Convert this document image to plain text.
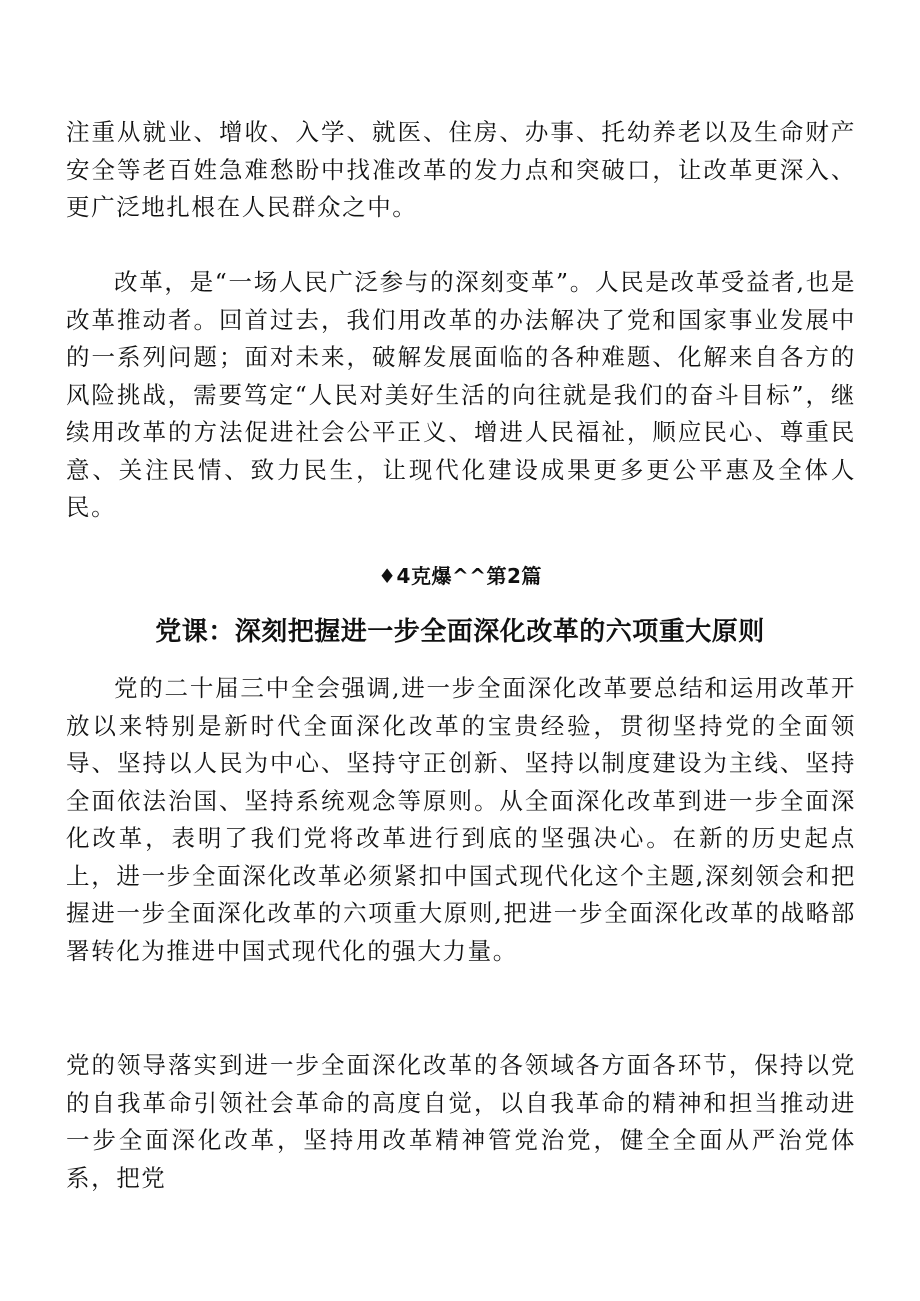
注重从就业、增收、入学、就医、住房、办事、托幼养老以及生命财产安全等老百姓急难愁盼中找准改革的发力点和突破口，让改革更深入、更广泛地扎根在人民群众之中。

改革，是“一场人民广泛参与的深刻变革”。人民是改革受益者,也是改革推动者。回首过去，我们用改革的办法解决了党和国家事业发展中的一系列问题；面对未来，破解发展面临的各种难题、化解来自各方的风险挑战，需要笃定“人民对美好生活的向往就是我们的奋斗目标”，继续用改革的方法促进社会公平正义、增进人民福祉，顺应民心、尊重民意、关注民情、致力民生，让现代化建设成果更多更公平惠及全体人民。

♦4克爆^^第2篇
党课：深刻把握进一步全面深化改革的六项重大原则

党的二十届三中全会强调,进一步全面深化改革要总结和运用改革开放以来特别是新时代全面深化改革的宝贵经验，贯彻坚持党的全面领导、坚持以人民为中心、坚持守正创新、坚持以制度建设为主线、坚持全面依法治国、坚持系统观念等原则。从全面深化改革到进一步全面深化改革，表明了我们党将改革进行到底的坚强决心。在新的历史起点上，进一步全面深化改革必须紧扣中国式现代化这个主题,深刻领会和把握进一步全面深化改革的六项重大原则,把进一步全面深化改革的战略部署转化为推进中国式现代化的强大力量。

党的领导落实到进一步全面深化改革的各领域各方面各环节，保持以党的自我革命引领社会革命的高度自觉，以自我革命的精神和担当推动进一步全面深化改革，坚持用改革精神管党治党，健全全面从严治党体系，把党
